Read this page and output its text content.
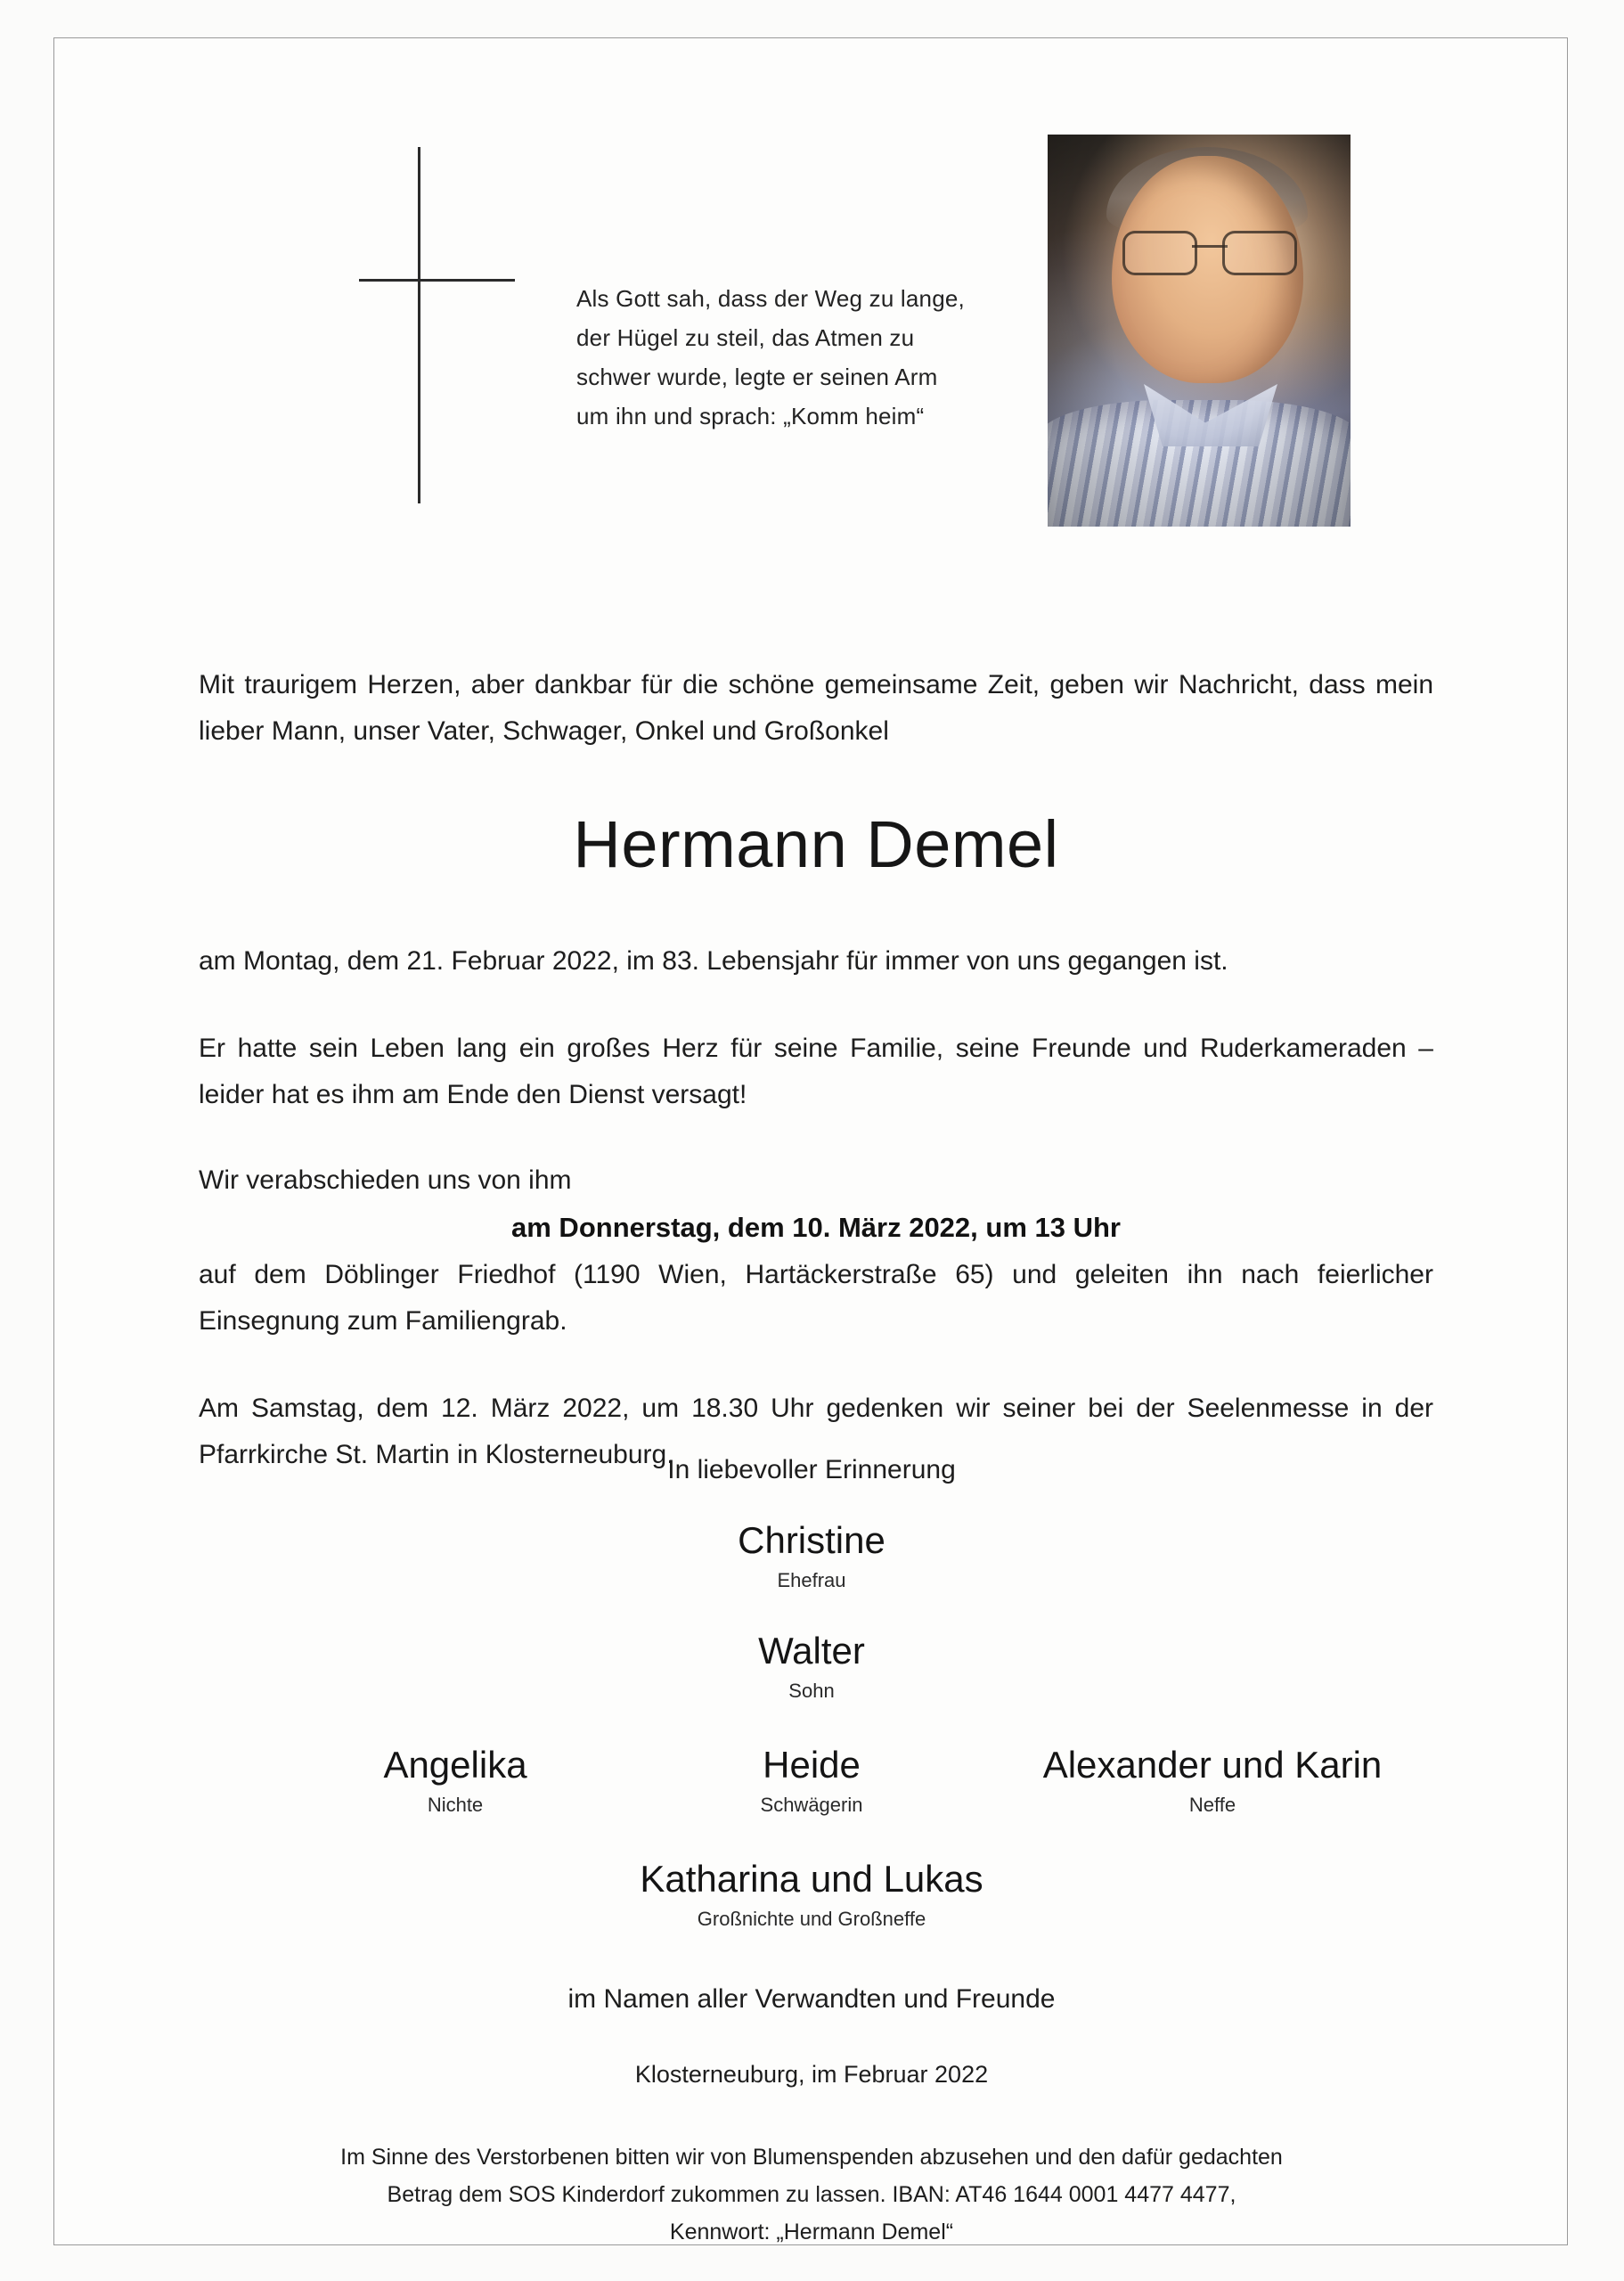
Als Gott sah, dass der Weg zu lange,
der Hügel zu steil, das Atmen zu
schwer wurde, legte er seinen Arm
um ihn und sprach: „Komm heim“
Mit traurigem Herzen, aber dankbar für die schöne gemeinsame Zeit, geben wir Nachricht, dass mein lieber Mann, unser Vater, Schwager, Onkel und Großonkel
Hermann Demel
am Montag, dem 21. Februar 2022, im 83. Lebensjahr für immer von uns gegangen ist.
Er hatte sein Leben lang ein großes Herz für seine Familie, seine Freunde und Ruderkameraden – leider hat es ihm am Ende den Dienst versagt!
Wir verabschieden uns von ihm
am Donnerstag, dem 10. März 2022, um 13 Uhr
auf dem Döblinger Friedhof (1190 Wien, Hartäckerstraße 65) und geleiten ihn nach feierlicher Einsegnung zum Familiengrab.
Am Samstag, dem 12. März 2022, um 18.30 Uhr gedenken wir seiner bei der Seelenmesse in der Pfarrkirche St. Martin in Klosterneuburg.
In liebevoller Erinnerung
Christine
Ehefrau
Walter
Sohn
Angelika
Nichte
Heide
Schwägerin
Alexander und Karin
Neffe
Katharina und Lukas
Großnichte und Großneffe
im Namen aller Verwandten und Freunde
Klosterneuburg, im Februar 2022
Im Sinne des Verstorbenen bitten wir von Blumenspenden abzusehen und den dafür gedachten
Betrag dem SOS Kinderdorf zukommen zu lassen. IBAN: AT46 1644 0001 4477 4477,
Kennwort: „Hermann Demel“
